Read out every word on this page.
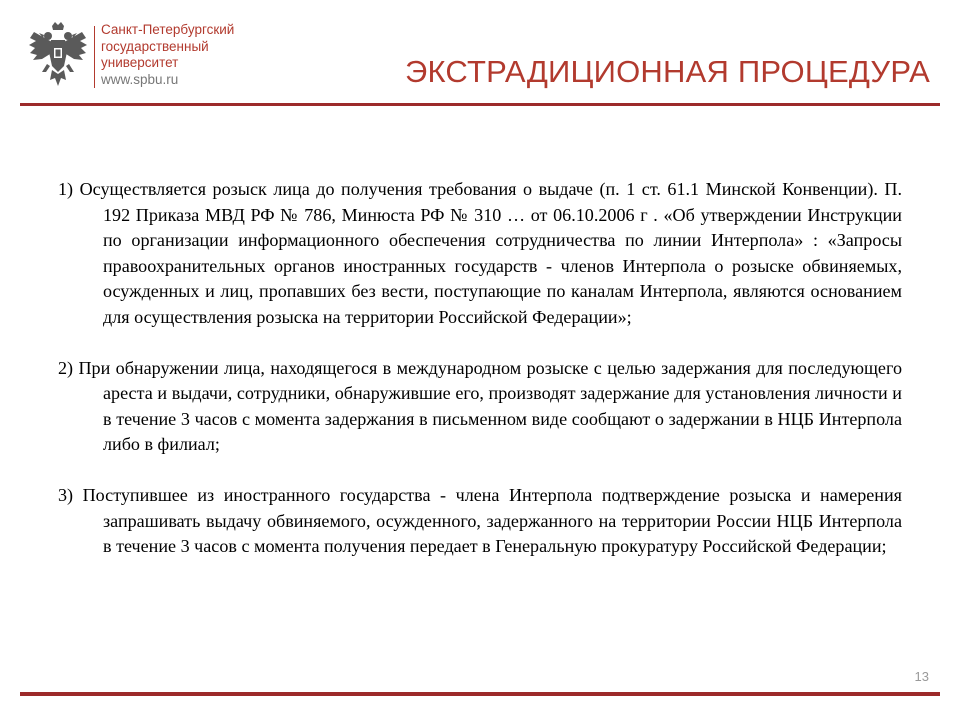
Санкт-Петербургский
государственный
университет
www.spbu.ru	ЭКСТРАДИЦИОННАЯ ПРОЦЕДУРА

1) Осуществляется розыск лица до получения требования о выдаче (п. 1 ст. 61.1 Минской Конвенции). П. 192 Приказа МВД РФ № 786, Минюста РФ № 310 … от 06.10.2006 г . «Об утверждении Инструкции по организации информационного обеспечения сотрудничества по линии Интерпола» : «Запросы правоохранительных органов иностранных государств - членов Интерпола о розыске обвиняемых, осужденных и лиц, пропавших без вести, поступающие по каналам Интерпола, являются основанием для осуществления розыска на территории Российской Федерации»;

2) При обнаружении лица, находящегося в международном розыске с целью задержания для последующего ареста и выдачи, сотрудники, обнаружившие его, производят задержание для установления личности и в течение 3 часов с момента задержания в письменном виде сообщают о задержании в НЦБ Интерпола либо в филиал;

3) Поступившее из иностранного государства - члена Интерпола подтверждение розыска и намерения запрашивать выдачу обвиняемого, осужденного, задержанного на территории России НЦБ Интерпола в течение 3 часов с момента получения передает в Генеральную прокуратуру Российской Федерации;

13
